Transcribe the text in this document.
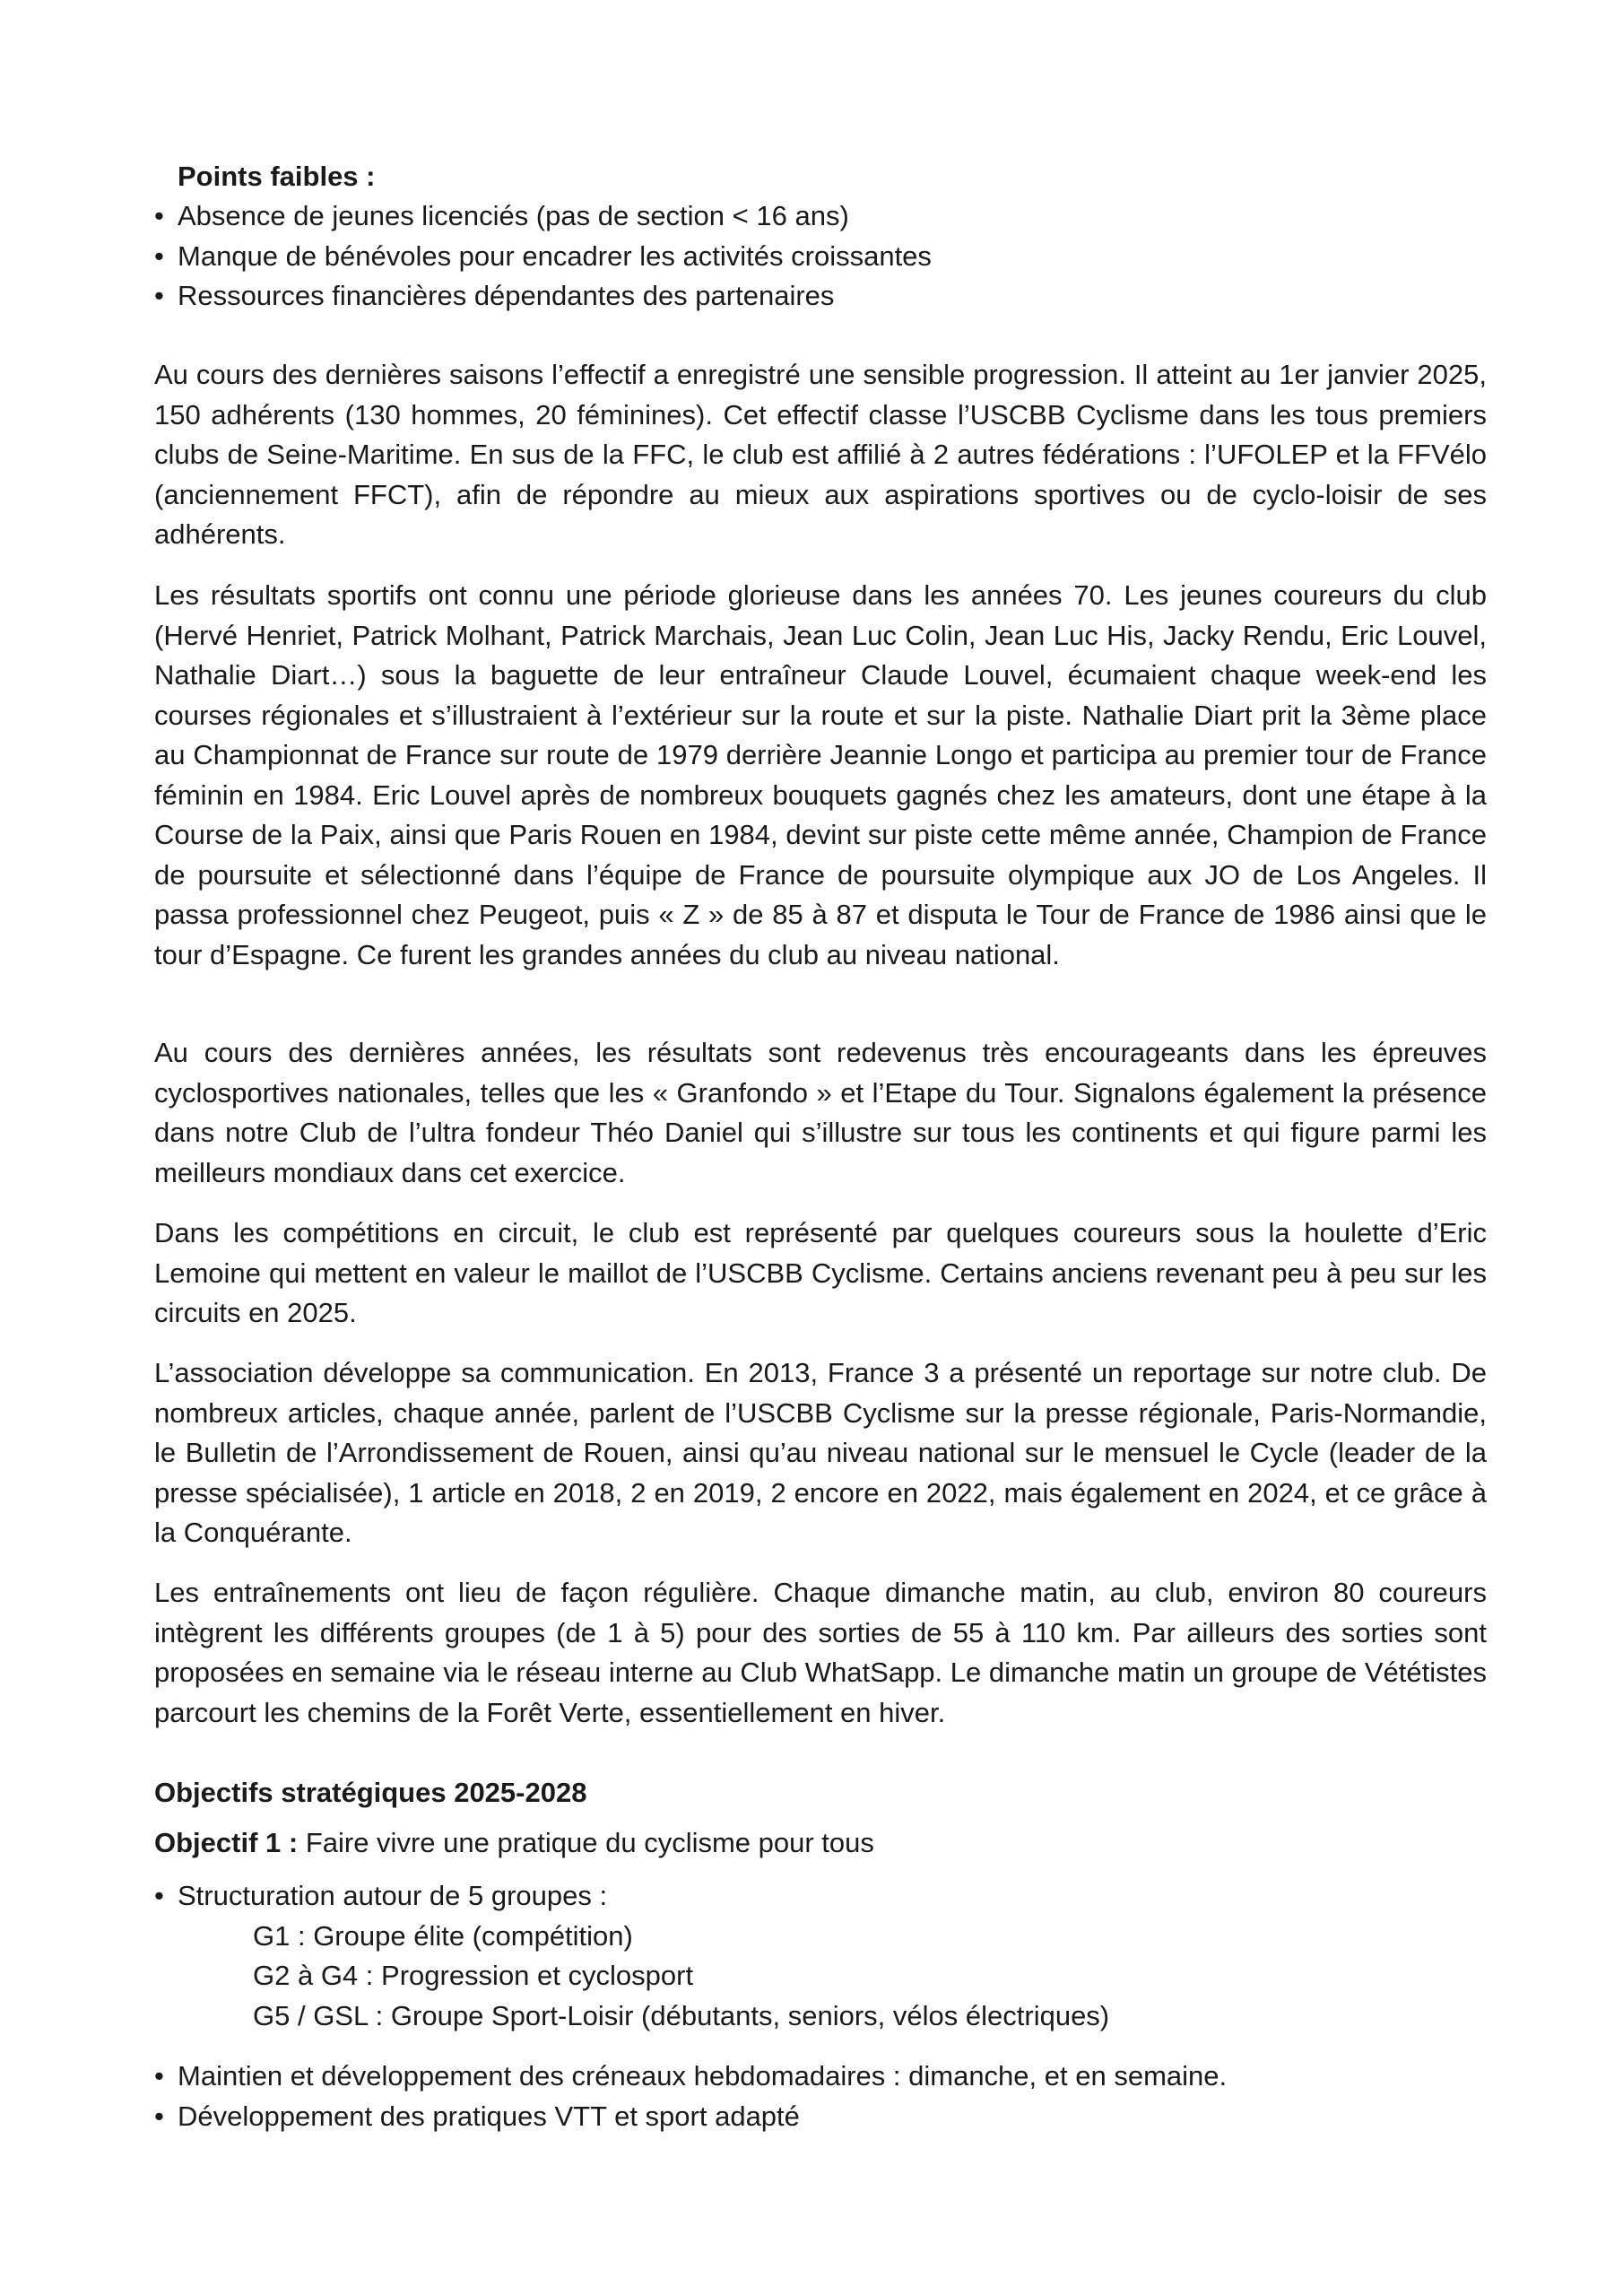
Points faibles :
• Absence de jeunes licenciés (pas de section < 16 ans)
• Manque de bénévoles pour encadrer les activités croissantes
• Ressources financières dépendantes des partenaires

Au cours des dernières saisons l’effectif a enregistré une sensible progression. Il atteint au 1er janvier 2025, 150 adhérents (130 hommes, 20 féminines). Cet effectif classe l’USCBB Cyclisme dans les tous premiers clubs de Seine-Maritime. En sus de la FFC, le club est affilié à 2 autres fédérations : l’UFOLEP et la FFVélo (anciennement FFCT), afin de répondre au mieux aux aspirations sportives ou de cyclo-loisir de ses adhérents.

Les résultats sportifs ont connu une période glorieuse dans les années 70. Les jeunes coureurs du club (Hervé Henriet, Patrick Molhant, Patrick Marchais, Jean Luc Colin, Jean Luc His, Jacky Rendu, Eric Louvel, Nathalie Diart…) sous la baguette de leur entraîneur Claude Louvel, écumaient chaque week-end les courses régionales et s’illustraient à l’extérieur sur la route et sur la piste. Nathalie Diart prit la 3ème place au Championnat de France sur route de 1979 derrière Jeannie Longo et participa au premier tour de France féminin en 1984. Eric Louvel après de nombreux bouquets gagnés chez les amateurs, dont une étape à la Course de la Paix, ainsi que Paris Rouen en 1984, devint sur piste cette même année, Champion de France de poursuite et sélectionné dans l’équipe de France de poursuite olympique aux JO de Los Angeles. Il passa professionnel chez Peugeot, puis « Z » de 85 à 87 et disputa le Tour de France de 1986 ainsi que le tour d’Espagne. Ce furent les grandes années du club au niveau national.

Au cours des dernières années, les résultats sont redevenus très encourageants dans les épreuves cyclosportives nationales, telles que les « Granfondo » et l’Etape du Tour. Signalons également la présence dans notre Club de l’ultra fondeur Théo Daniel qui s’illustre sur tous les continents et qui figure parmi les meilleurs mondiaux dans cet exercice.

Dans les compétitions en circuit, le club est représenté par quelques coureurs sous la houlette d’Eric Lemoine qui mettent en valeur le maillot de l’USCBB Cyclisme. Certains anciens revenant peu à peu sur les circuits en 2025.

L’association développe sa communication. En 2013, France 3 a présenté un reportage sur notre club. De nombreux articles, chaque année, parlent de l’USCBB Cyclisme sur la presse régionale, Paris-Normandie, le Bulletin de l’Arrondissement de Rouen, ainsi qu’au niveau national sur le mensuel le Cycle (leader de la presse spécialisée), 1 article en 2018, 2 en 2019, 2 encore en 2022, mais également en 2024, et ce grâce à la Conquérante.

Les entraînements ont lieu de façon régulière. Chaque dimanche matin, au club, environ 80 coureurs intègrent les différents groupes (de 1 à 5) pour des sorties de 55 à 110 km. Par ailleurs des sorties sont proposées en semaine via le réseau interne au Club WhatSapp. Le dimanche matin un groupe de Vététistes parcourt les chemins de la Forêt Verte, essentiellement en hiver.

Objectifs stratégiques 2025-2028
Objectif 1 : Faire vivre une pratique du cyclisme pour tous
• Structuration autour de 5 groupes :
G1 : Groupe élite (compétition)
G2 à G4 : Progression et cyclosport
G5 / GSL : Groupe Sport-Loisir (débutants, seniors, vélos électriques)
• Maintien et développement des créneaux hebdomadaires : dimanche, et en semaine.
• Développement des pratiques VTT et sport adapté
